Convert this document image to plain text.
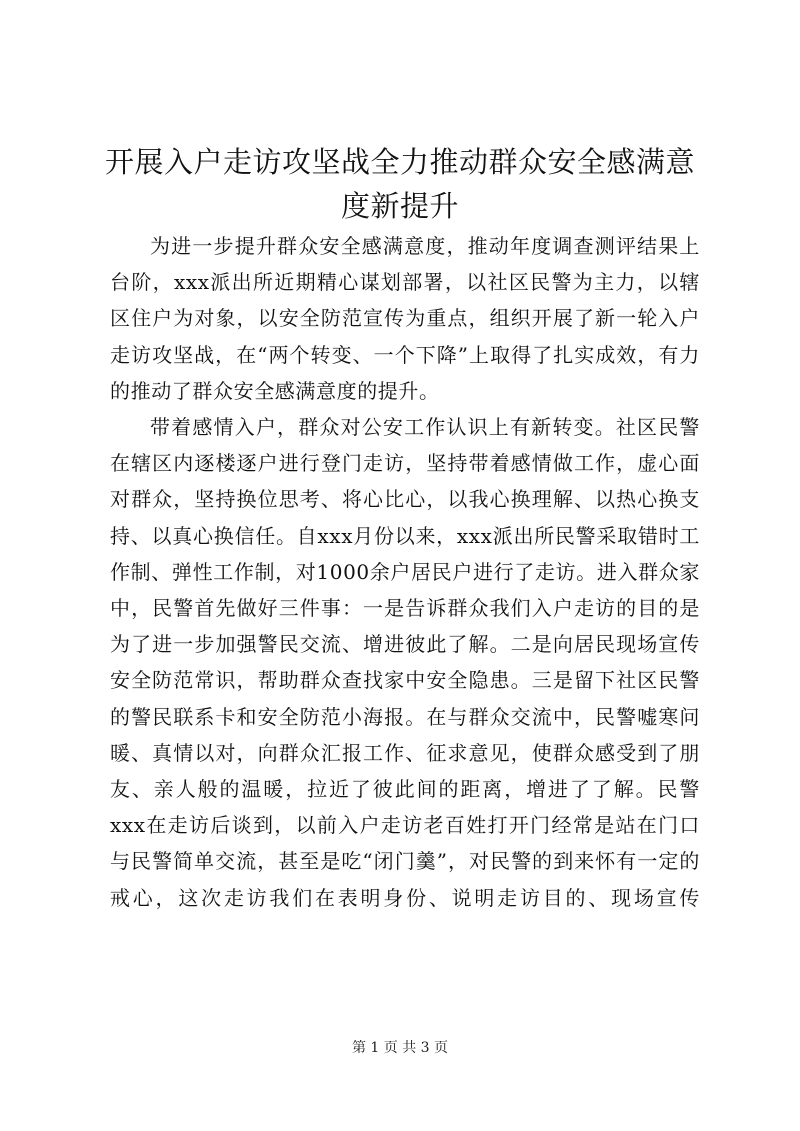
开展入户走访攻坚战全力推动群众安全感满意度新提升

为进一步提升群众安全感满意度，推动年度调查测评结果上台阶，xxx派出所近期精心谋划部署，以社区民警为主力，以辖区住户为对象，以安全防范宣传为重点，组织开展了新一轮入户走访攻坚战，在“两个转变、一个下降”上取得了扎实成效，有力的推动了群众安全感满意度的提升。

带着感情入户，群众对公安工作认识上有新转变。社区民警在辖区内逐楼逐户进行登门走访，坚持带着感情做工作，虚心面对群众，坚持换位思考、将心比心，以我心换理解、以热心换支持、以真心换信任。自xxx月份以来，xxx派出所民警采取错时工作制、弹性工作制，对1000余户居民户进行了走访。进入群众家中，民警首先做好三件事：一是告诉群众我们入户走访的目的是为了进一步加强警民交流、增进彼此了解。二是向居民现场宣传安全防范常识，帮助群众查找家中安全隐患。三是留下社区民警的警民联系卡和安全防范小海报。在与群众交流中，民警嘘寒问暖、真情以对，向群众汇报工作、征求意见，使群众感受到了朋友、亲人般的温暖，拉近了彼此间的距离，增进了了解。民警xxx在走访后谈到，以前入户走访老百姓打开门经常是站在门口与民警简单交流，甚至是吃“闭门羹”，对民警的到来怀有一定的戒心，这次走访我们在表明身份、说明走访目的、现场宣传

第 1 页 共 3 页
